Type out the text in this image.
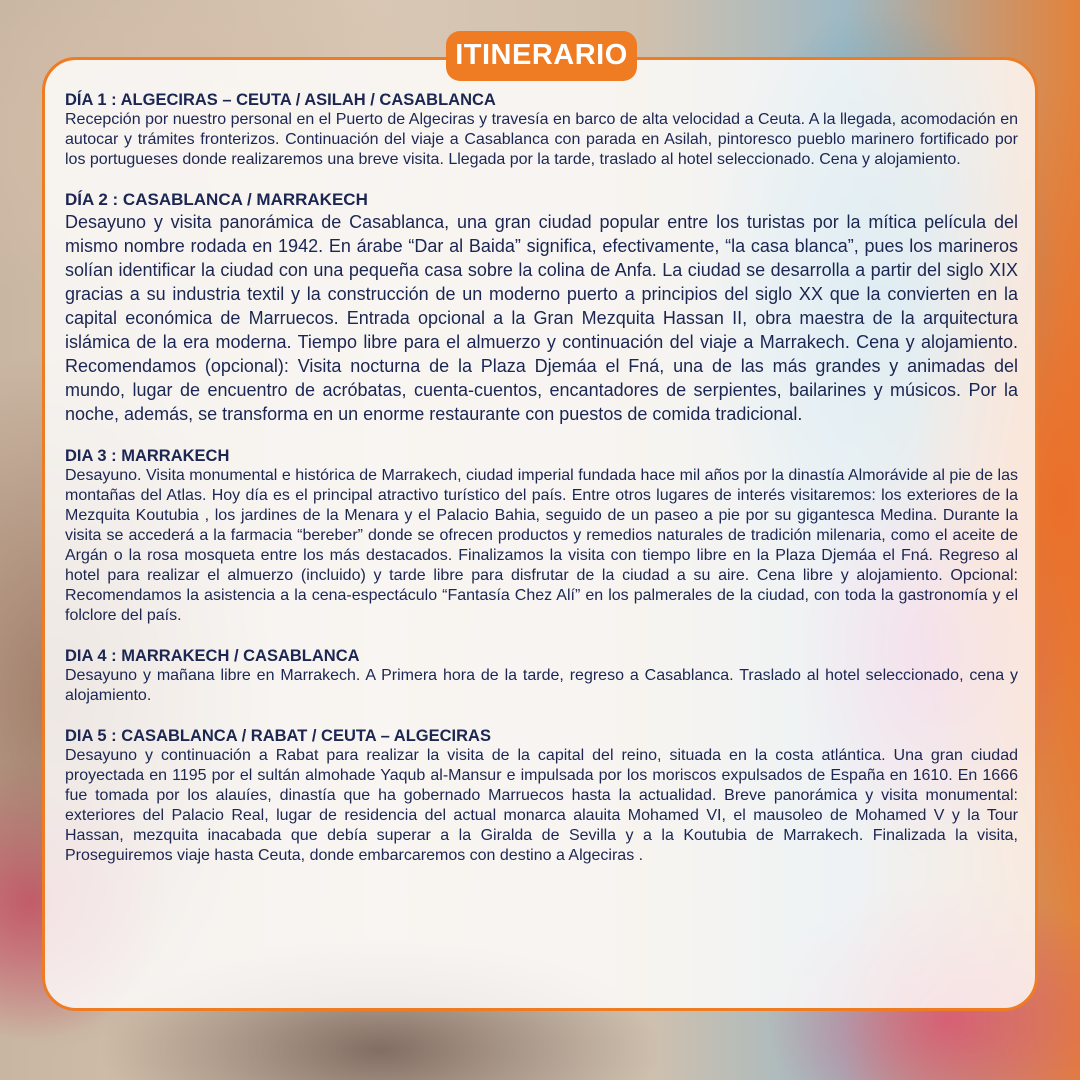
ITINERARIO
DÍA 1 : ALGECIRAS – CEUTA / ASILAH / CASABLANCA

Recepción por nuestro personal en el Puerto de Algeciras y travesía en barco de alta velocidad a Ceuta. A la llegada, acomodación en autocar y trámites fronterizos. Continuación del viaje a Casablanca con parada en Asilah, pintoresco pueblo marinero fortificado por los portugueses donde realizaremos una breve visita. Llegada por la tarde, traslado al hotel seleccionado. Cena y alojamiento.

DÍA 2 : CASABLANCA / MARRAKECH

Desayuno y visita panorámica de Casablanca, una gran ciudad popular entre los turistas por la mítica película del mismo nombre rodada en 1942. En árabe “Dar al Baida” significa, efectivamente, “la casa blanca”, pues los marineros solían identificar la ciudad con una pequeña casa sobre la colina de Anfa. La ciudad se desarrolla a partir del siglo XIX gracias a su industria textil y la construcción de un moderno puerto a principios del siglo XX que la convierten en la capital económica de Marruecos. Entrada opcional a la Gran Mezquita Hassan II, obra maestra de la arquitectura islámica de la era moderna. Tiempo libre para el almuerzo y continuación del viaje a Marrakech. Cena y alojamiento. Recomendamos (opcional): Visita nocturna de la Plaza Djemáa el Fná, una de las más grandes y animadas del mundo, lugar de encuentro de acróbatas, cuenta-cuentos, encantadores de serpientes, bailarines y músicos. Por la noche, además, se transforma en un enorme restaurante con puestos de comida tradicional.

DIA 3 : MARRAKECH

Desayuno. Visita monumental e histórica de Marrakech, ciudad imperial fundada hace mil años por la dinastía Almorávide al pie de las montañas del Atlas. Hoy día es el principal atractivo turístico del país. Entre otros lugares de interés visitaremos: los exteriores de la Mezquita Koutubia , los jardines de la Menara y el Palacio Bahia, seguido de un paseo a pie por su gigantesca Medina. Durante la visita se accederá a la farmacia “bereber” donde se ofrecen productos y remedios naturales de tradición milenaria, como el aceite de Argán o la rosa mosqueta entre los más destacados. Finalizamos la visita con tiempo libre en la Plaza Djemáa el Fná. Regreso al hotel para realizar el almuerzo (incluido) y tarde libre para disfrutar de la ciudad a su aire. Cena libre y alojamiento. Opcional: Recomendamos la asistencia a la cena-espectáculo “Fantasía Chez Alí” en los palmerales de la ciudad, con toda la gastronomía y el folclore del país.

DIA 4 : MARRAKECH / CASABLANCA

Desayuno y mañana libre en Marrakech. A Primera hora de la tarde, regreso a Casablanca. Traslado al hotel seleccionado, cena y alojamiento.

DIA 5 : CASABLANCA / RABAT / CEUTA – ALGECIRAS

Desayuno y continuación a Rabat para realizar la visita de la capital del reino, situada en la costa atlántica. Una gran ciudad proyectada en 1195 por el sultán almohade Yaqub al-Mansur e impulsada por los moriscos expulsados de España en 1610. En 1666 fue tomada por los alauíes, dinastía que ha gobernado Marruecos hasta la actualidad. Breve panorámica y visita monumental: exteriores del Palacio Real, lugar de residencia del actual monarca alauita Mohamed VI, el mausoleo de Mohamed V y la Tour Hassan, mezquita inacabada que debía superar a la Giralda de Sevilla y a la Koutubia de Marrakech. Finalizada la visita, Proseguiremos viaje hasta Ceuta, donde embarcaremos con destino a Algeciras .
